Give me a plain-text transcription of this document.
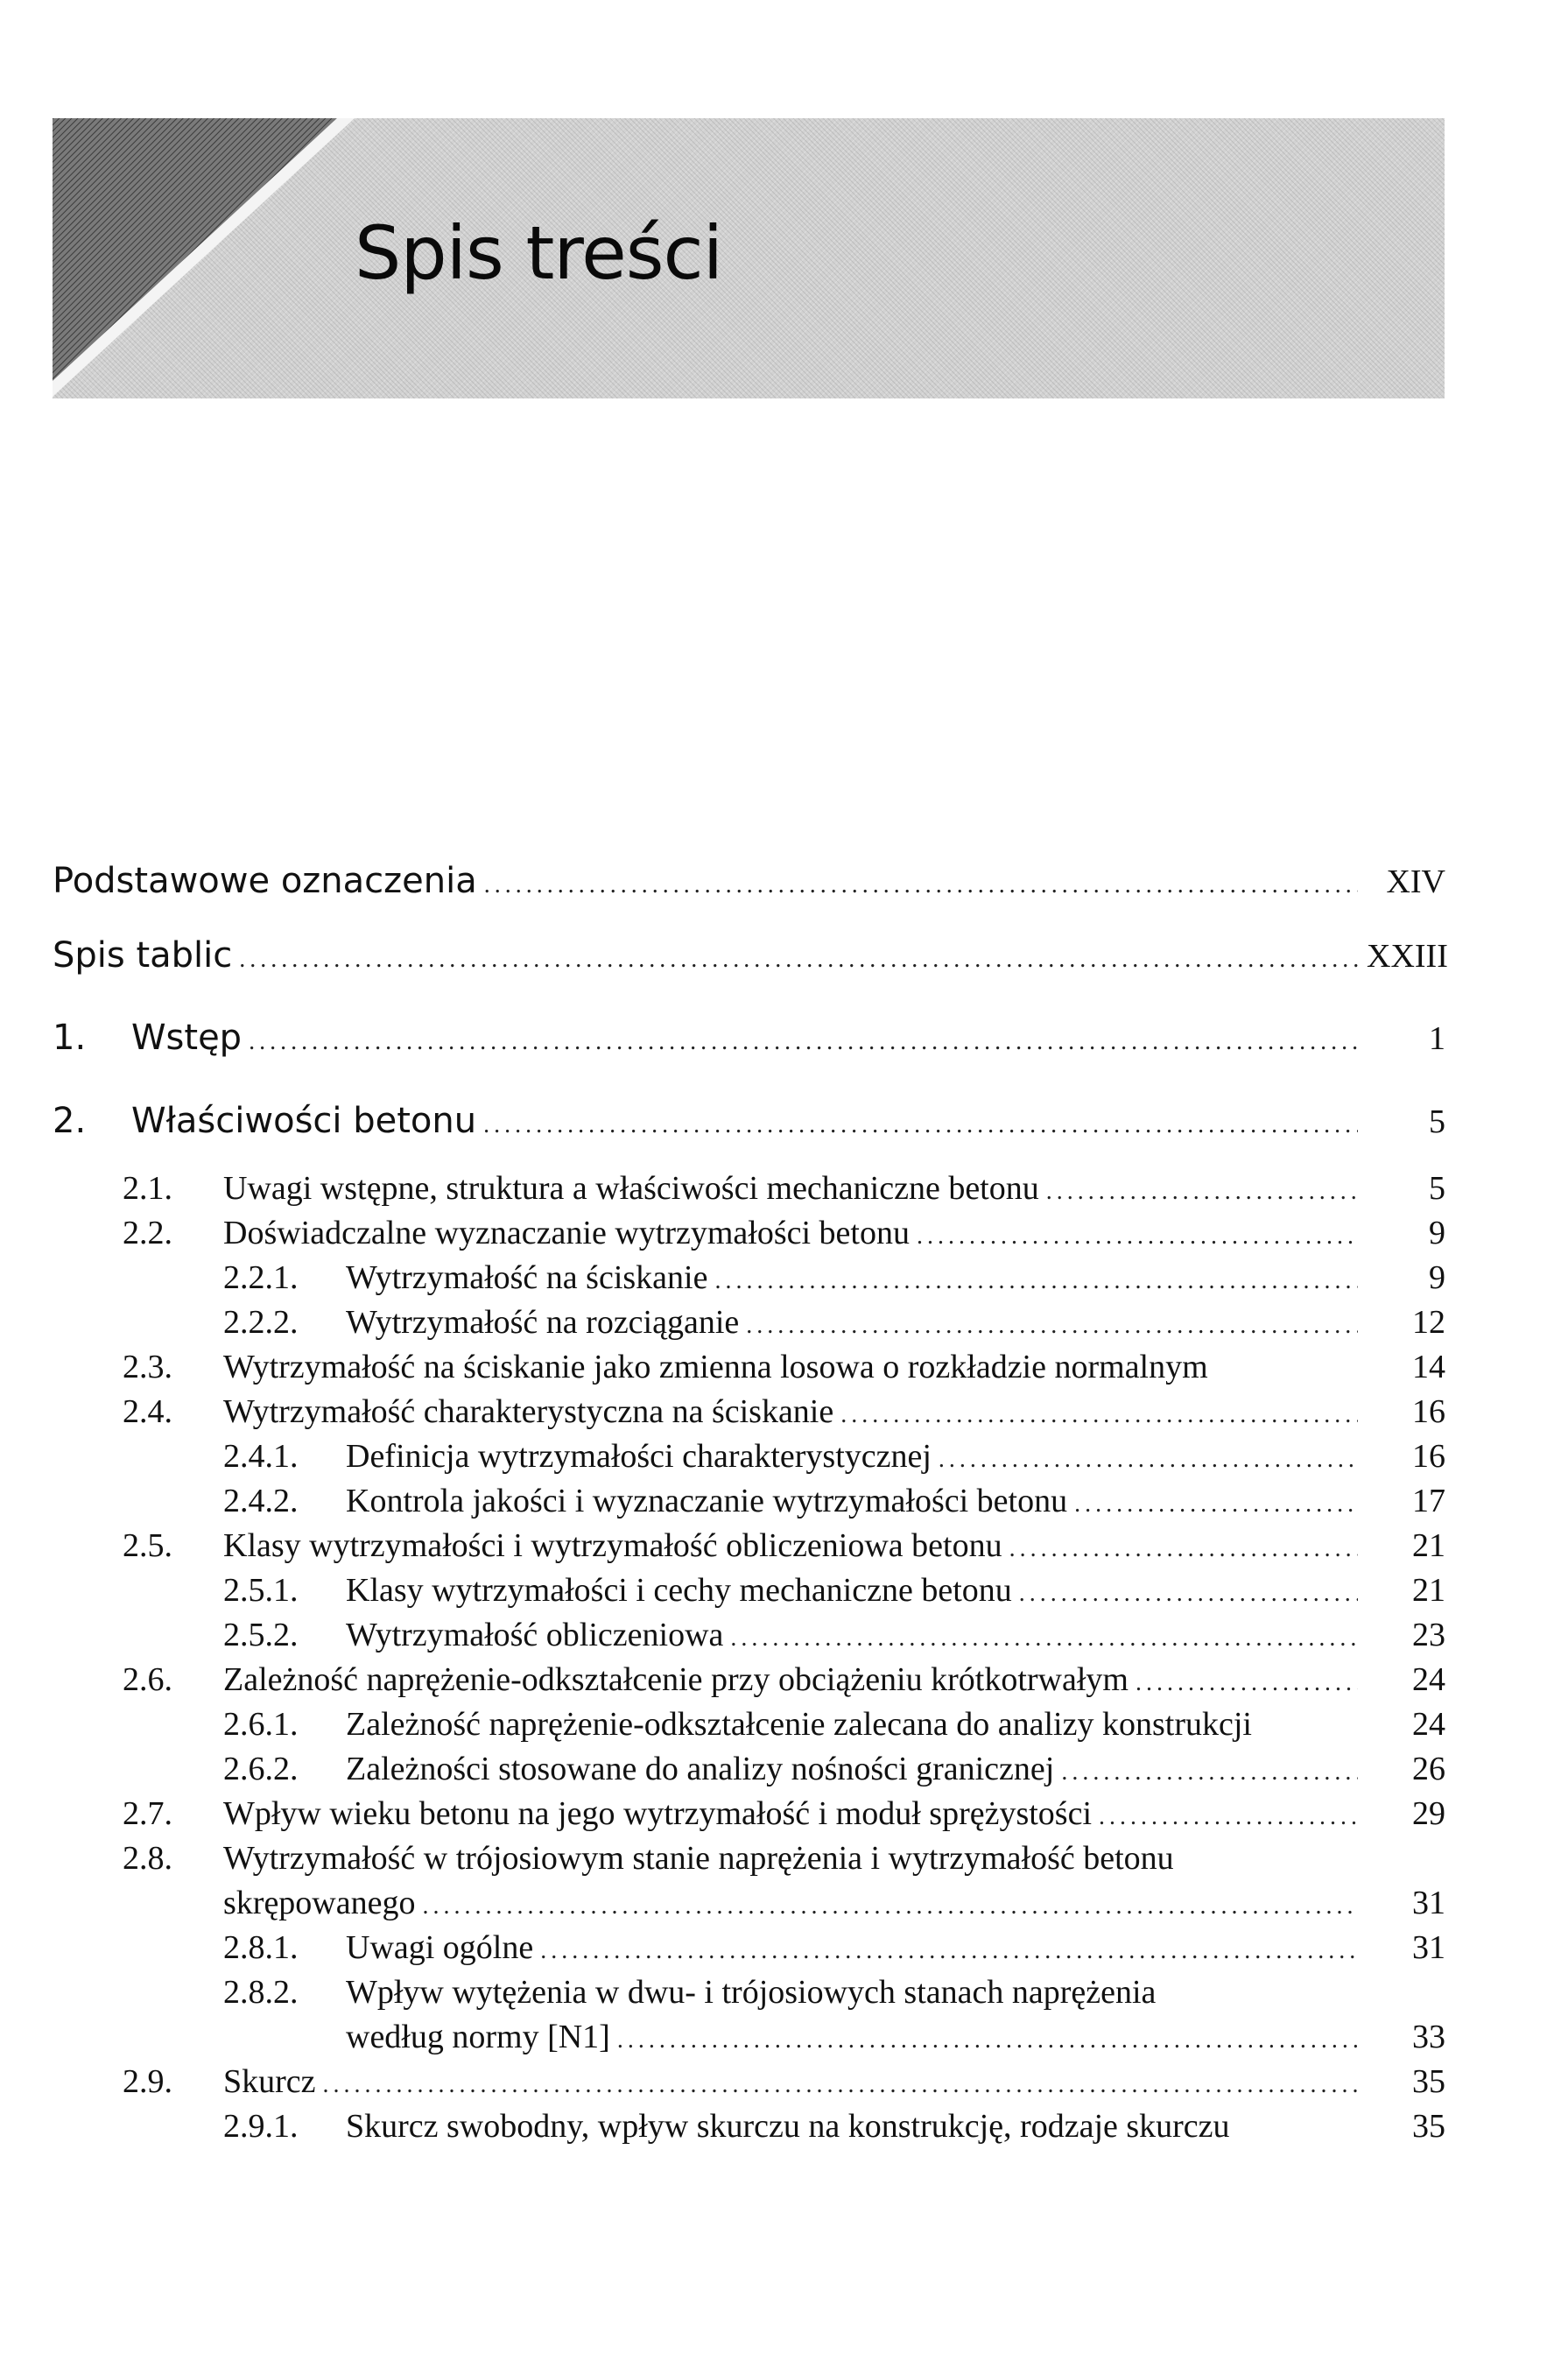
Spis treści
Podstawowe oznaczenia .....	XIV
Spis tablic .....	XXIII
1.	Wstęp .....	1
2.	Właściwości betonu .....	5
2.1.	Uwagi wstępne, struktura a właściwości mechaniczne betonu .....	5
2.2.	Doświadczalne wyznaczanie wytrzymałości betonu .....	9
2.2.1.	Wytrzymałość na ściskanie .....	9
2.2.2.	Wytrzymałość na rozciąganie .....	12
2.3.	Wytrzymałość na ściskanie jako zmienna losowa o rozkładzie normalnym	14
2.4.	Wytrzymałość charakterystyczna na ściskanie .....	16
2.4.1.	Definicja wytrzymałości charakterystycznej .....	16
2.4.2.	Kontrola jakości i wyznaczanie wytrzymałości betonu .....	17
2.5.	Klasy wytrzymałości i wytrzymałość obliczeniowa betonu .....	21
2.5.1.	Klasy wytrzymałości i cechy mechaniczne betonu .....	21
2.5.2.	Wytrzymałość obliczeniowa .....	23
2.6.	Zależność naprężenie-odkształcenie przy obciążeniu krótkotrwałym .....	24
2.6.1.	Zależność naprężenie-odkształcenie zalecana do analizy konstrukcji	24
2.6.2.	Zależności stosowane do analizy nośności granicznej .....	26
2.7.	Wpływ wieku betonu na jego wytrzymałość i moduł sprężystości .....	29
2.8.	Wytrzymałość w trójosiowym stanie naprężenia i wytrzymałość betonu
skrępowanego .....	31
2.8.1.	Uwagi ogólne .....	31
2.8.2.	Wpływ wytężenia w dwu- i trójosiowych stanach naprężenia
według normy [N1] .....	33
2.9.	Skurcz .....	35
2.9.1.	Skurcz swobodny, wpływ skurczu na konstrukcję, rodzaje skurczu	35
